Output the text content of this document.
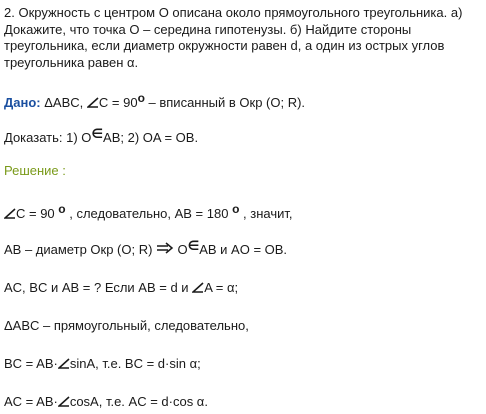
2. Окружность с центром О описана около прямоугольного треугольника. а) Докажите, что точка О – середина гипотенузы. б) Найдите стороны треугольника, если диаметр окружности равен d, а один из острых углов треугольника равен α.
Дано: ΔABC, C = 90o – вписанный в Окр (O; R).
Доказать: 1) O∈AB; 2) OA = OB.
Решение :
C = 90 о , следовательно, AB = 180 о , значит,
AB – диаметр Окр (O; R) O∈AB и AO = OB.
AC, BC и AB = ? Если AB = d и A = α;
ΔABC – прямоугольный, следовательно,
BC = AB· sinA, т.е. BC = d·sin α;
AC = AB· cosA, т.е. AC = d·cos α.
